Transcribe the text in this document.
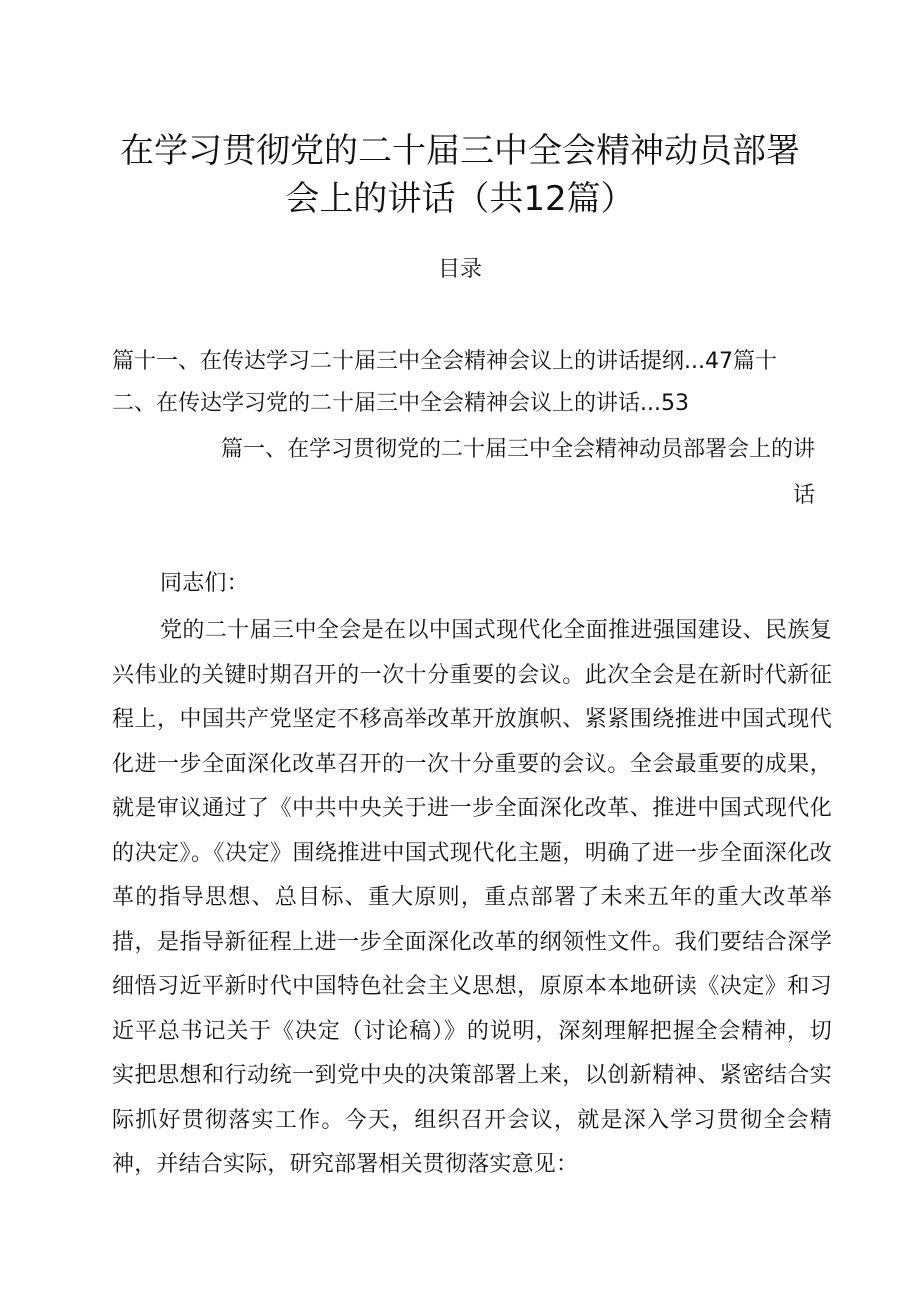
在学习贯彻党的二十届三中全会精神动员部署
会上的讲话（共12篇）
目录
篇十一、在传达学习二十届三中全会精神会议上的讲话提纲...47篇十
二、在传达学习党的二十届三中全会精神会议上的讲话...53
篇一、在学习贯彻党的二十届三中全会精神动员部署会上的讲
话
同志们：
党的二十届三中全会是在以中国式现代化全面推进强国建设、民族复兴伟业的关键时期召开的一次十分重要的会议。此次全会是在新时代新征程上，中国共产党坚定不移高举改革开放旗帜、紧紧围绕推进中国式现代化进一步全面深化改革召开的一次十分重要的会议。全会最重要的成果，就是审议通过了《中共中央关于进一步全面深化改革、推进中国式现代化的决定》。《决定》围绕推进中国式现代化主题，明确了进一步全面深化改革的指导思想、总目标、重大原则，重点部署了未来五年的重大改革举措，是指导新征程上进一步全面深化改革的纲领性文件。我们要结合深学细悟习近平新时代中国特色社会主义思想，原原本本地研读《决定》和习近平总书记关于《决定（讨论稿）》的说明，深刻理解把握全会精神，切实把思想和行动统一到党中央的决策部署上来，以创新精神、紧密结合实际抓好贯彻落实工作。今天，组织召开会议，就是深入学习贯彻全会精神，并结合实际，研究部署相关贯彻落实意见：
